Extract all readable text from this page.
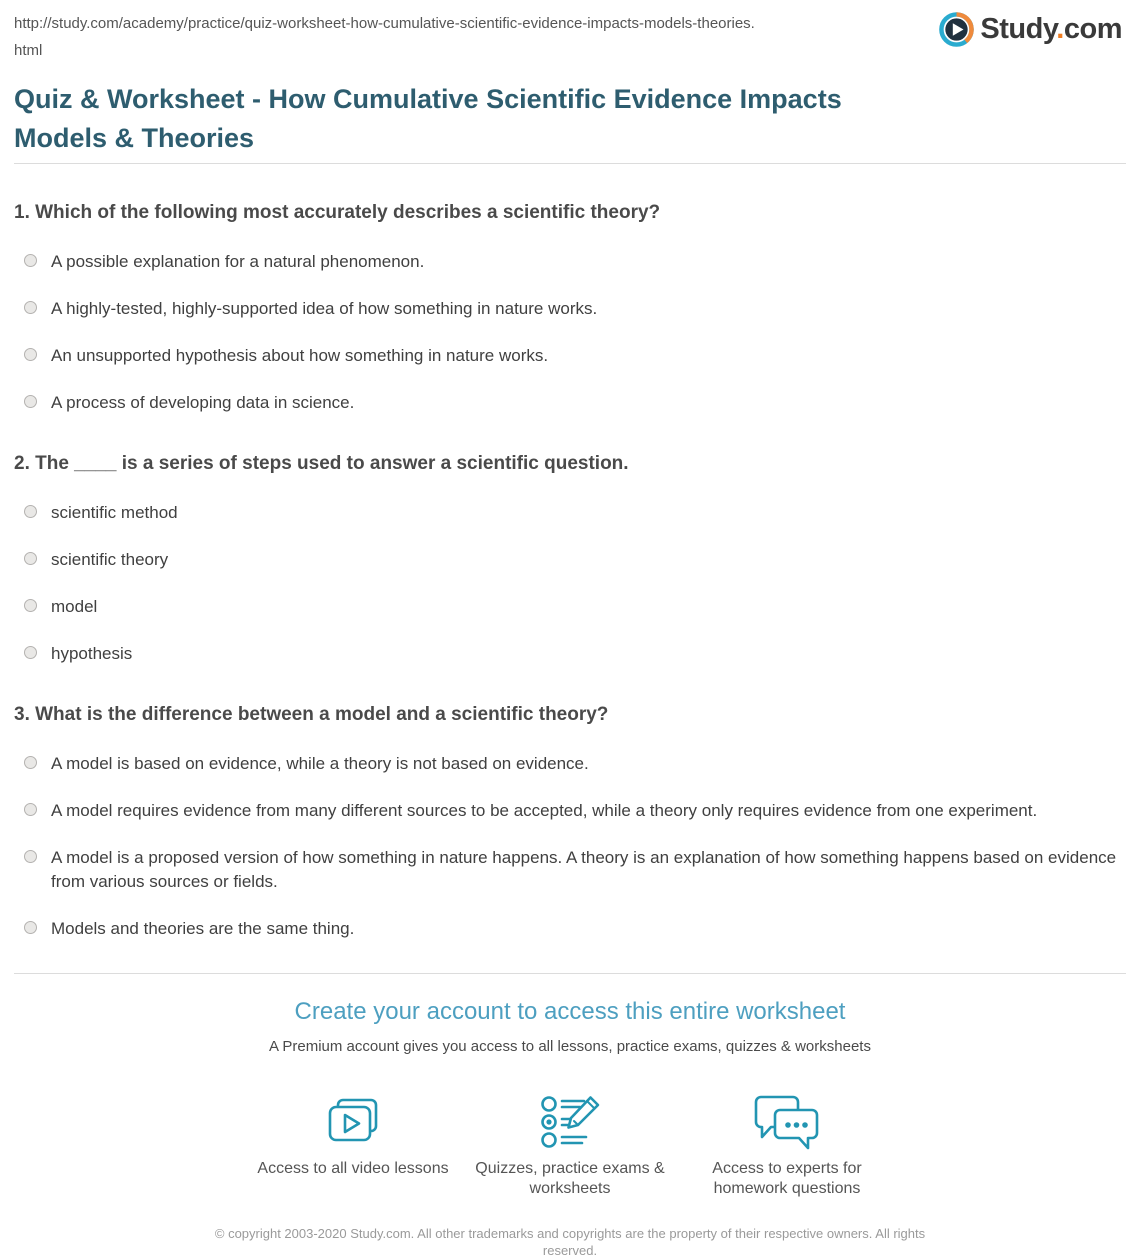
http://study.com/academy/practice/quiz-worksheet-how-cumulative-scientific-evidence-impacts-models-theories.html
Study.com
Quiz & Worksheet - How Cumulative Scientific Evidence Impacts Models & Theories
1. Which of the following most accurately describes a scientific theory?
A possible explanation for a natural phenomenon.
A highly-tested, highly-supported idea of how something in nature works.
An unsupported hypothesis about how something in nature works.
A process of developing data in science.
2. The ____ is a series of steps used to answer a scientific question.
scientific method
scientific theory
model
hypothesis
3. What is the difference between a model and a scientific theory?
A model is based on evidence, while a theory is not based on evidence.
A model requires evidence from many different sources to be accepted, while a theory only requires evidence from one experiment.
A model is a proposed version of how something in nature happens. A theory is an explanation of how something happens based on evidence from various sources or fields.
Models and theories are the same thing.
Create your account to access this entire worksheet
A Premium account gives you access to all lessons, practice exams, quizzes & worksheets
Access to all video lessons	Quizzes, practice exams & worksheets
Access to experts for homework questions
© copyright 2003-2020 Study.com. All other trademarks and copyrights are the property of their respective owners. All rights reserved.
